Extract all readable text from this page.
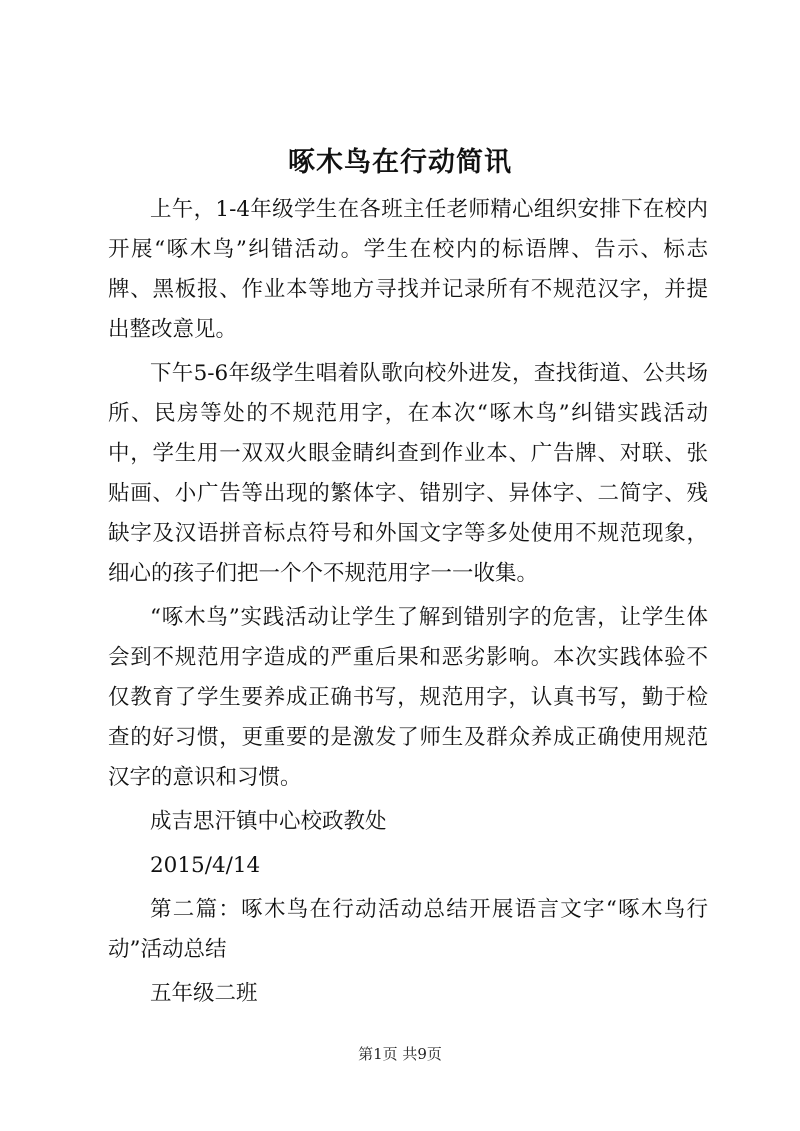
啄木鸟在行动简讯

上午，1-4年级学生在各班主任老师精心组织安排下在校内开展“啄木鸟”纠错活动。学生在校内的标语牌、告示、标志牌、黑板报、作业本等地方寻找并记录所有不规范汉字，并提出整改意见。

下午5-6年级学生唱着队歌向校外进发，查找街道、公共场所、民房等处的不规范用字，在本次“啄木鸟”纠错实践活动中，学生用一双双火眼金睛纠查到作业本、广告牌、对联、张贴画、小广告等出现的繁体字、错别字、异体字、二简字、残缺字及汉语拼音标点符号和外国文字等多处使用不规范现象，细心的孩子们把一个个不规范用字一一收集。

“啄木鸟”实践活动让学生了解到错别字的危害，让学生体会到不规范用字造成的严重后果和恶劣影响。本次实践体验不仅教育了学生要养成正确书写，规范用字，认真书写，勤于检查的好习惯，更重要的是激发了师生及群众养成正确使用规范汉字的意识和习惯。

成吉思汗镇中心校政教处

2015/4/14

第二篇：啄木鸟在行动活动总结开展语言文字“啄木鸟行动”活动总结

五年级二班

第1页 共9页
